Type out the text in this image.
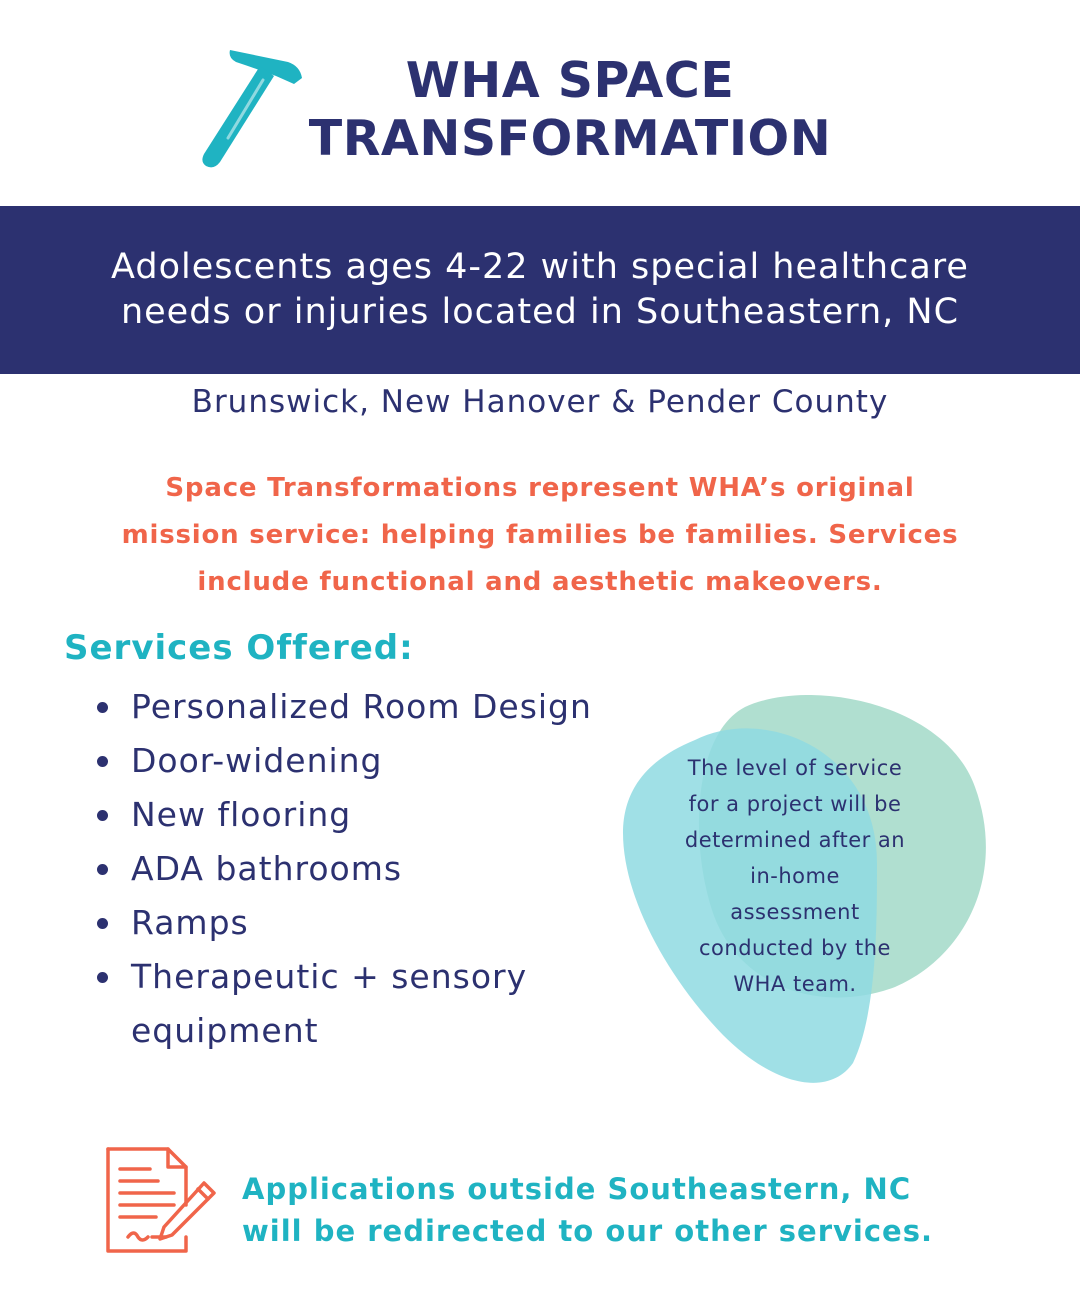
WHA SPACE
TRANSFORMATION
Adolescents ages 4-22 with special healthcare
needs or injuries located in Southeastern, NC
Brunswick, New Hanover & Pender County
Space Transformations represent WHA’s original
mission service: helping families be families. Services
include functional and aesthetic makeovers.
Services Offered:
Personalized Room Design
Door-widening
New flooring
ADA bathrooms
Ramps
Therapeutic + sensory equipment
The level of service
for a project will be
determined after an
in-home
assessment
conducted by the
WHA team.
Applications outside Southeastern, NC
will be redirected to our other services.
